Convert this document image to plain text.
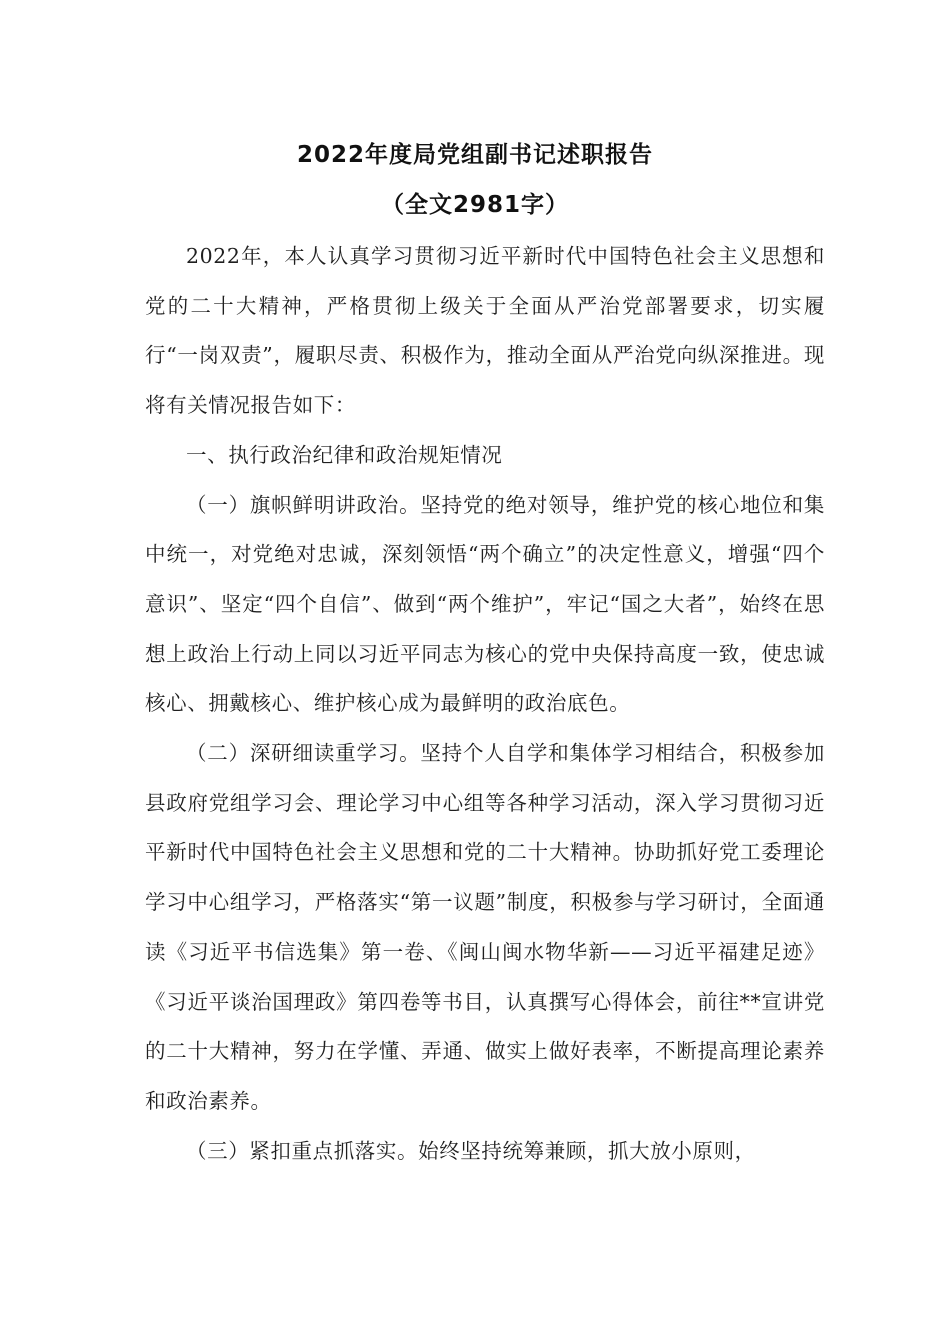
2022年度局党组副书记述职报告
（全文2981字）

2022年，本人认真学习贯彻习近平新时代中国特色社会主义思想和党的二十大精神，严格贯彻上级关于全面从严治党部署要求，切实履行“一岗双责”，履职尽责、积极作为，推动全面从严治党向纵深推进。现将有关情况报告如下：

一、执行政治纪律和政治规矩情况

（一）旗帜鲜明讲政治。坚持党的绝对领导，维护党的核心地位和集中统一，对党绝对忠诚，深刻领悟“两个确立”的决定性意义，增强“四个意识”、坚定“四个自信”、做到“两个维护”，牢记“国之大者”，始终在思想上政治上行动上同以习近平同志为核心的党中央保持高度一致，使忠诚核心、拥戴核心、维护核心成为最鲜明的政治底色。

（二）深研细读重学习。坚持个人自学和集体学习相结合，积极参加县政府党组学习会、理论学习中心组等各种学习活动，深入学习贯彻习近平新时代中国特色社会主义思想和党的二十大精神。协助抓好党工委理论学习中心组学习，严格落实“第一议题”制度，积极参与学习研讨，全面通读《习近平书信选集》第一卷、《闽山闽水物华新——习近平福建足迹》《习近平谈治国理政》第四卷等书目，认真撰写心得体会，前往**宣讲党的二十大精神，努力在学懂、弄通、做实上做好表率，不断提高理论素养和政治素养。

（三）紧扣重点抓落实。始终坚持统筹兼顾，抓大放小原则，
